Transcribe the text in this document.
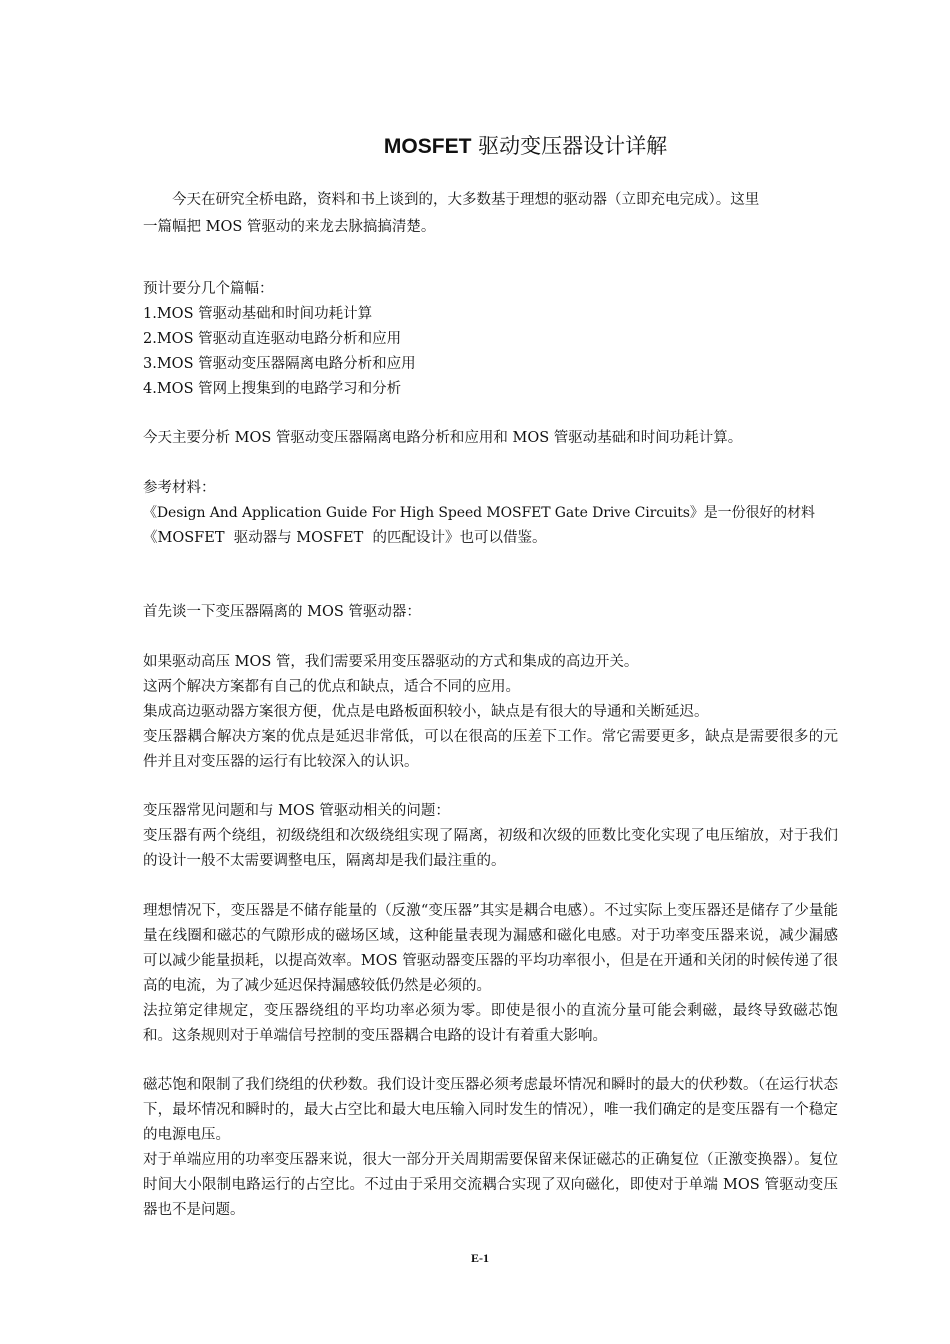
MOSFET 驱动变压器设计详解

今天在研究全桥电路，资料和书上谈到的，大多数基于理想的驱动器（立即充电完成）。这里

一篇幅把 MOS 管驱动的来龙去脉搞搞清楚。

预计要分几个篇幅：

1.MOS 管驱动基础和时间功耗计算

2.MOS 管驱动直连驱动电路分析和应用

3.MOS 管驱动变压器隔离电路分析和应用

4.MOS 管网上搜集到的电路学习和分析

今天主要分析 MOS 管驱动变压器隔离电路分析和应用和 MOS 管驱动基础和时间功耗计算。

参考材料：

《Design And Application Guide For High Speed MOSFET Gate Drive Circuits》是一份很好的材料

《MOSFET  驱动器与 MOSFET  的匹配设计》也可以借鉴。

首先谈一下变压器隔离的 MOS 管驱动器：

如果驱动高压 MOS 管，我们需要采用变压器驱动的方式和集成的高边开关。

这两个解决方案都有自己的优点和缺点，适合不同的应用。

集成高边驱动器方案很方便，优点是电路板面积较小，缺点是有很大的导通和关断延迟。

变压器耦合解决方案的优点是延迟非常低，可以在很高的压差下工作。常它需要更多，缺点是需要很多的元件并且对变压器的运行有比较深入的认识。

变压器常见问题和与 MOS 管驱动相关的问题：

变压器有两个绕组，初级绕组和次级绕组实现了隔离，初级和次级的匝数比变化实现了电压缩放，对于我们的设计一般不太需要调整电压，隔离却是我们最注重的。

理想情况下，变压器是不储存能量的（反激“变压器”其实是耦合电感）。不过实际上变压器还是储存了少量能量在线圈和磁芯的气隙形成的磁场区域，这种能量表现为漏感和磁化电感。对于功率变压器来说，减少漏感可以减少能量损耗，以提高效率。MOS 管驱动器变压器的平均功率很小，但是在开通和关闭的时候传递了很高的电流，为了减少延迟保持漏感较低仍然是必须的。

法拉第定律规定，变压器绕组的平均功率必须为零。即使是很小的直流分量可能会剩磁，最终导致磁芯饱和。这条规则对于单端信号控制的变压器耦合电路的设计有着重大影响。

磁芯饱和限制了我们绕组的伏秒数。我们设计变压器必须考虑最坏情况和瞬时的最大的伏秒数。（在运行状态下，最坏情况和瞬时的，最大占空比和最大电压输入同时发生的情况），唯一我们确定的是变压器有一个稳定的电源电压。

对于单端应用的功率变压器来说，很大一部分开关周期需要保留来保证磁芯的正确复位（正激变换器）。复位时间大小限制电路运行的占空比。不过由于采用交流耦合实现了双向磁化，即使对于单端 MOS 管驱动变压器也不是问题。

E-1
